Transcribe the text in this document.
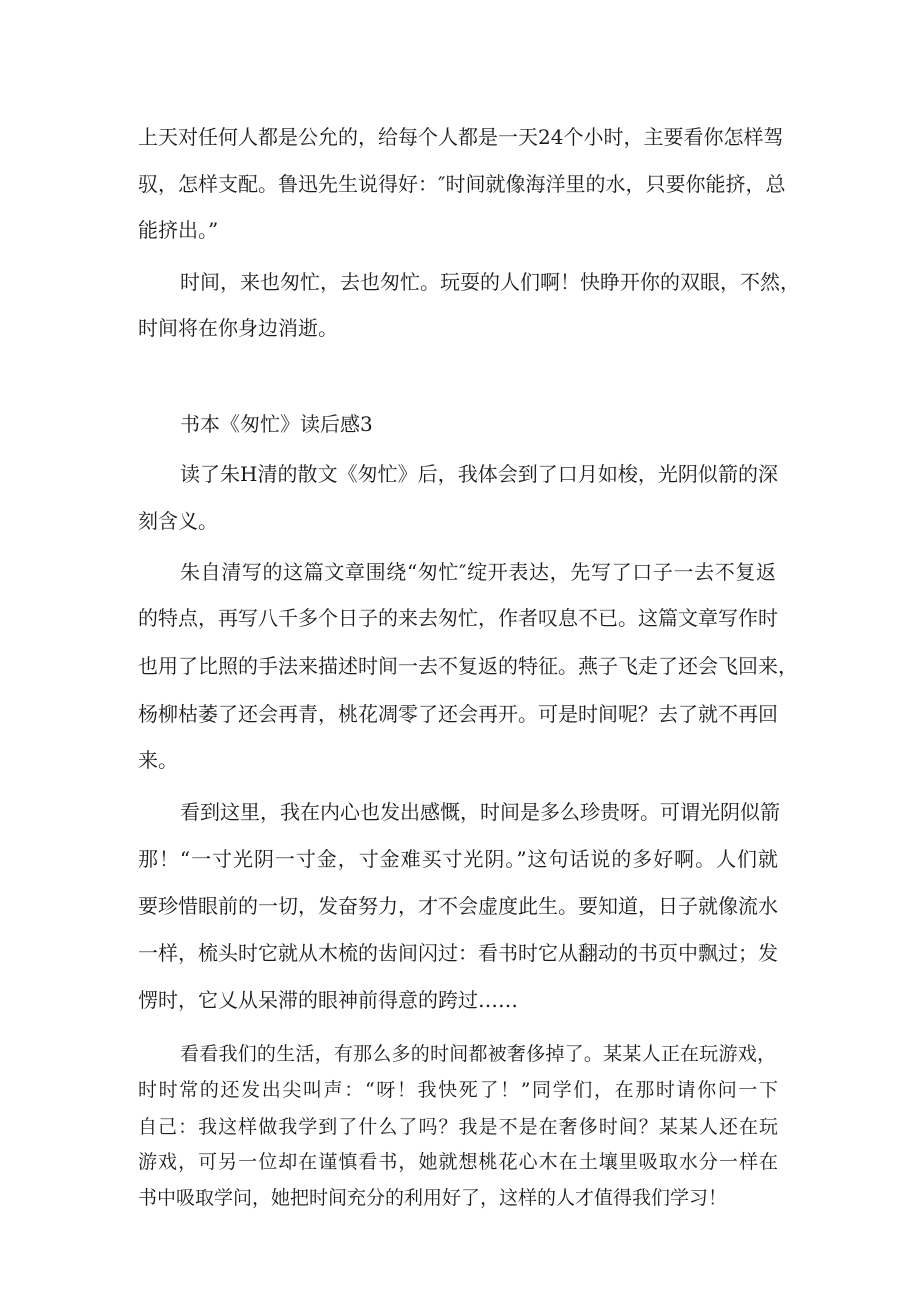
上天对任何人都是公允的，给每个人都是一天24个小时，主要看你怎样驾
驭，怎样支配。鲁迅先生说得好：″时间就像海洋里的水，只要你能挤，总
能挤出。”
时间，来也匆忙，去也匆忙。玩耍的人们啊！快睁开你的双眼，不然，
时间将在你身边消逝。
书本《匆忙》读后感3
读了朱H清的散文《匆忙》后，我体会到了口月如梭，光阴似箭的深
刻含义。
朱自清写的这篇文章围绕“匆忙″绽开表达，先写了口子一去不复返
的特点，再写八千多个日子的来去匆忙，作者叹息不已。这篇文章写作时
也用了比照的手法来描述时间一去不复返的特征。燕子飞走了还会飞回来，
杨柳枯萎了还会再青，桃花凋零了还会再开。可是时间呢？去了就不再回
来。
看到这里，我在内心也发出感慨，时间是多么珍贵呀。可谓光阴似箭
那！“一寸光阴一寸金，寸金难买寸光阴。”这句话说的多好啊。人们就
要珍惜眼前的一切，发奋努力，才不会虚度此生。要知道，日子就像流水
一样，梳头时它就从木梳的齿间闪过：看书时它从翻动的书页中飘过；发
愣时，它乂从呆滞的眼神前得意的跨过……
看看我们的生活，有那么多的时间都被奢侈掉了。某某人正在玩游戏，
时时常的还发出尖叫声：“呀！我快死了！”同学们，在那时请你问一下
自己：我这样做我学到了什么了吗？我是不是在奢侈时间？某某人还在玩
游戏，可另一位却在谨慎看书，她就想桃花心木在土壤里吸取水分一样在
书中吸取学问，她把时间充分的利用好了，这样的人才值得我们学习！
